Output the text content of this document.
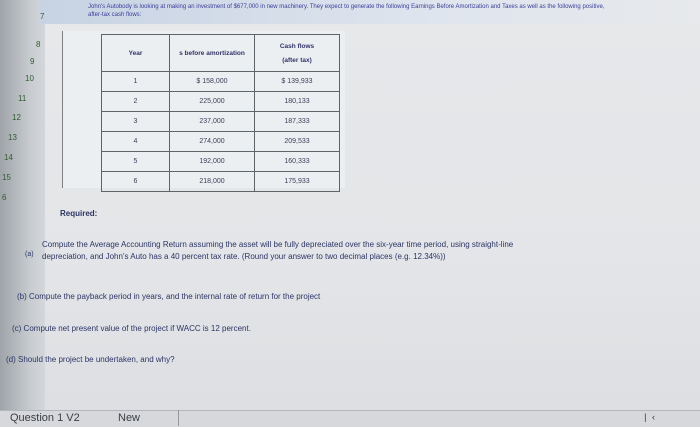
7
8
9
10
11
12
13
14
15
6
John's Autobody is looking at making an investment of $677,000 in new machinery. They expect to generate the following Earnings Before Amortization and Taxes as well as the following positive, after-tax cash flows:
Year	s before amortization	Cash flows
(after tax)

1	$ 158,000	$ 139,933
2	225,000	180,133
3	237,000	187,333
4	274,000	209,533
5	192,000	160,333
6	218,000	175,933
Required:
(a)
Compute the Average Accounting Return assuming the asset will be fully depreciated over the six-year time period, using straight-line
depreciation, and John's Auto has a 40 percent tax rate. (Round your answer to two decimal places (e.g. 12.34%))
(b) Compute the payback period in years, and the internal rate of return for the project
(c) Compute net present value of the project if WACC is 12 percent.
(d) Should the project be undertaken, and why?
Question 1 V2	New	| ‹
